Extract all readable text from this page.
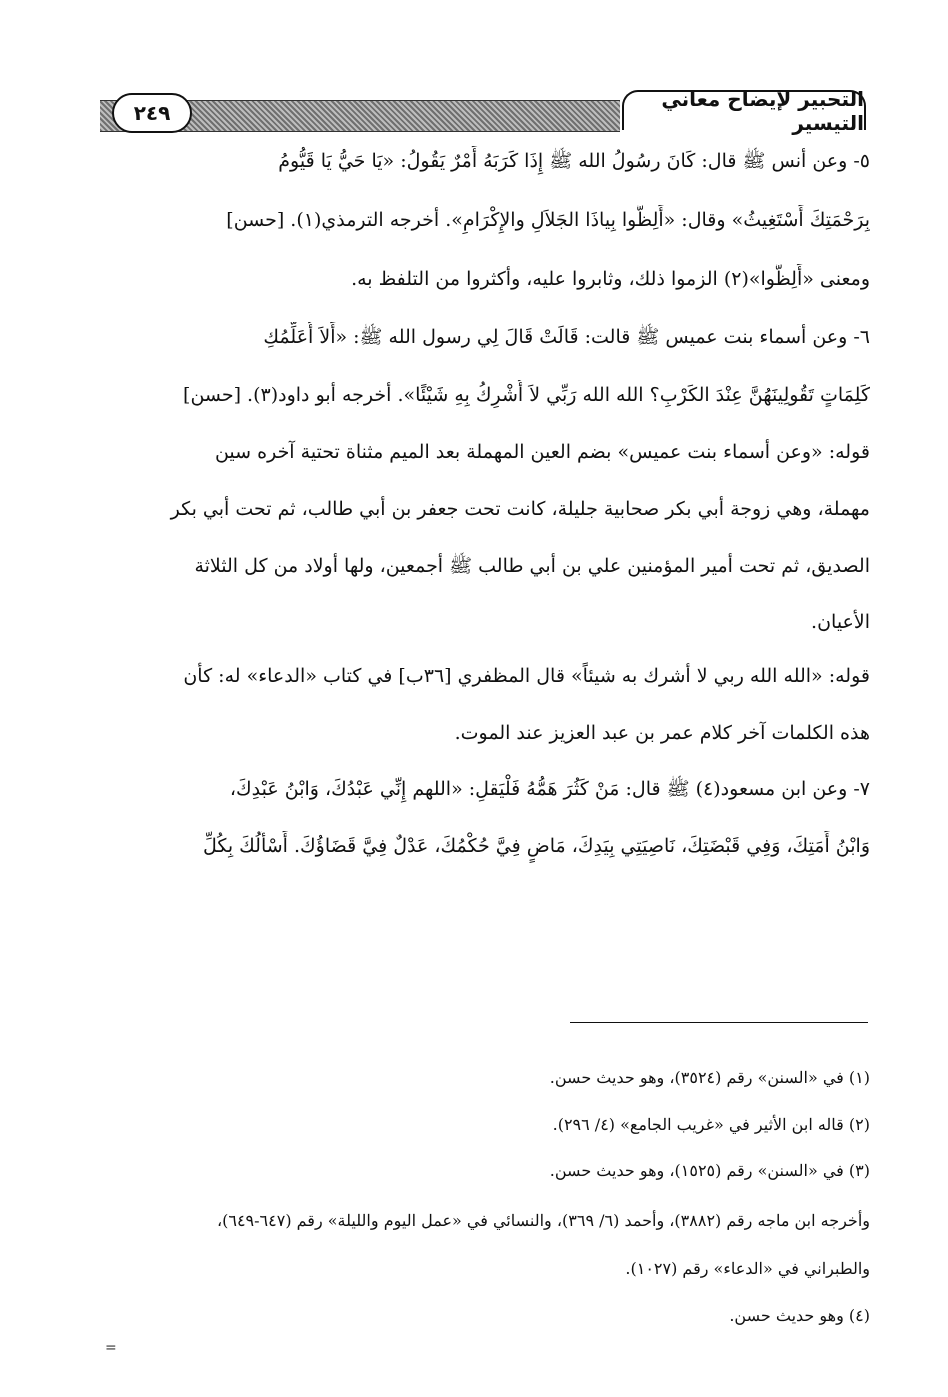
٢٤٩
التحبير لإيضاح معاني التيسير
٥- وعن أنس ﷺ قال: كَانَ رسُولُ الله ﷺ إِذَا كَرَبَهُ أَمْرٌ يَقُولُ: «يَا حَيُّ يَا قَيُّومُ
بِرَحْمَتِكَ أَسْتَغِيثُ» وقال: «أَلِظُّوا بِياذَا الجَلاَلِ والإِكْرَامِ». أخرجه الترمذي(١). [حسن]
ومعنى «أَلِظُّوا»(٢) الزموا ذلك، وثابروا عليه، وأكثروا من التلفظ به.
٦- وعن أسماء بنت عميس ﷺ قالت: قَالَتْ قَالَ لِي رسول الله ﷺ: «أَلاَ أُعَلِّمُكِ
كَلِمَاتٍ تَقُولِينَهُنَّ عِنْدَ الكَرْبِ؟ الله الله رَبِّي لاَ أُشْرِكُ بِهِ شَيْئًا». أخرجه أبو داود(٣). [حسن]
قوله: «وعن أسماء بنت عميس» بضم العين المهملة بعد الميم مثناة تحتية آخره سين
مهملة، وهي زوجة أبي بكر صحابية جليلة، كانت تحت جعفر بن أبي طالب، ثم تحت أبي بكر
الصديق، ثم تحت أمير المؤمنين علي بن أبي طالب ﷺ أجمعين، ولها أولاد من كل الثلاثة
الأعيان.
قوله: «الله الله ربي لا أشرك به شيئاً» قال المظفري [٣٦ب] في كتاب «الدعاء» له: كأن
هذه الكلمات آخر كلام عمر بن عبد العزيز عند الموت.
٧- وعن ابن مسعود(٤) ﷺ قال: مَنْ كَثُرَ هَمُّهُ فَلْيَقلِ: «اللهم إِنِّي عَبْدُكَ، وَابْنُ عَبْدِكَ،
وَابْنُ أَمَتِكَ، وَفِي قَبْضَتِكَ، نَاصِيَتِي بِيَدِكَ، مَاضٍ فِيَّ حُكْمُكَ، عَدْلٌ فِيَّ قَضَاؤُكَ. أَسْأَلُكَ بِكُلِّ
(١) في «السنن» رقم (٣٥٢٤)، وهو حديث حسن.
(٢) قاله ابن الأثير في «غريب الجامع» (٤/ ٢٩٦).
(٣) في «السنن» رقم (١٥٢٥)، وهو حديث حسن.
وأخرجه ابن ماجه رقم (٣٨٨٢)، وأحمد (٦/ ٣٦٩)، والنسائي في «عمل اليوم والليلة» رقم (٦٤٧-٦٤٩)،
والطبراني في «الدعاء» رقم (١٠٢٧).
(٤) وهو حديث حسن.
=
